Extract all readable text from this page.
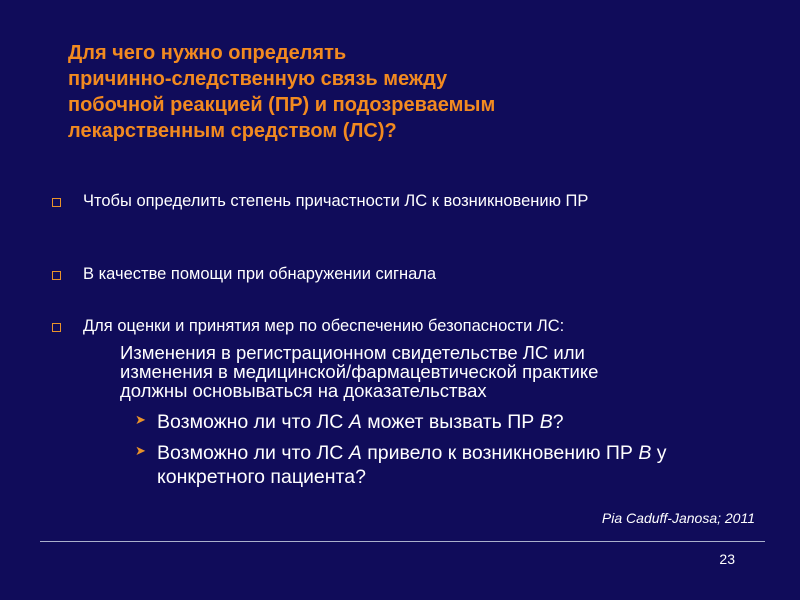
Для чего нужно определять
причинно-следственную связь между
побочной реакцией (ПР) и подозреваемым
лекарственным средством (ЛС)?
Чтобы определить степень причастности ЛС к возникновению ПР
В качестве помощи при обнаружении сигнала
Для оценки и принятия мер по обеспечению безопасности ЛС:
Изменения в регистрационном свидетельстве ЛС или
изменения в медицинской/фармацевтической практике
должны основываться на доказательствах
➤ Возможно ли что ЛС А может вызвать ПР В?
➤ Возможно ли что ЛС А привело к возникновению ПР В у конкретного пациента?
Pia Caduff-Janosa; 2011
23
